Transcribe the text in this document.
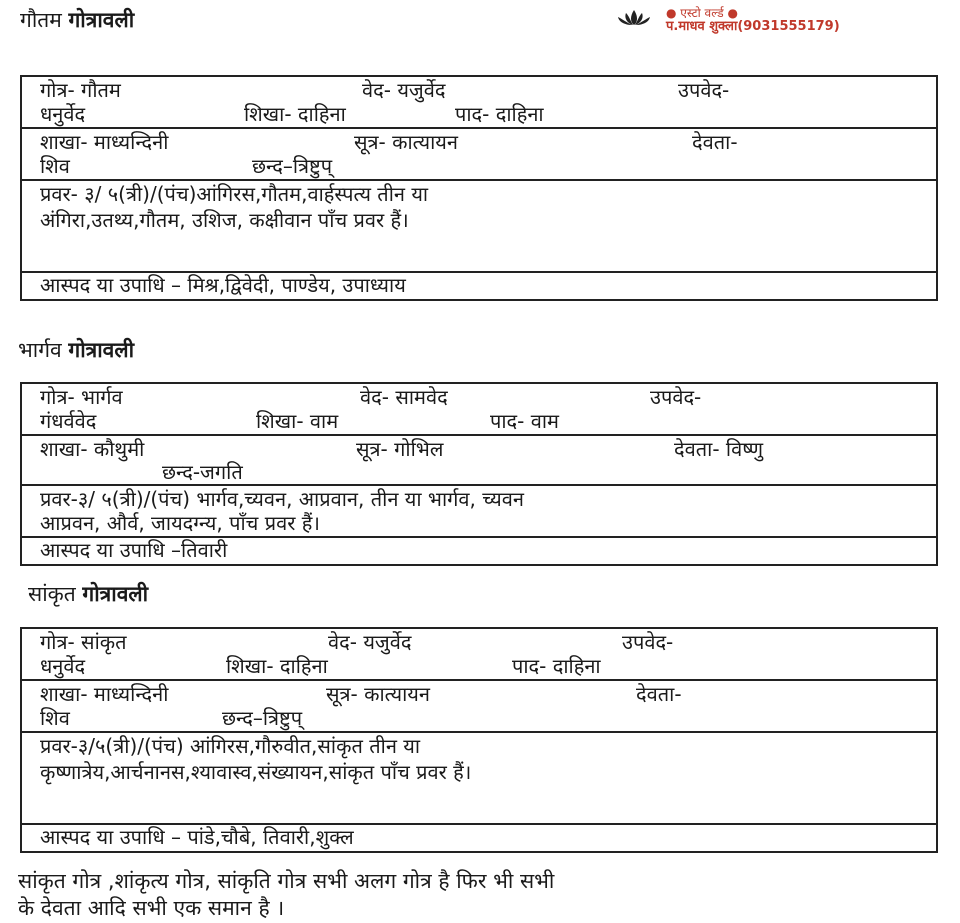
● एस्टो वर्ल्ड ●
प.माधव शुक्ला(9031555179)
गौतम गोत्रावली
गोत्र- गौतम	वेद- यजुर्वेद	उपवेद-
धनुर्वेद	शिखा- दाहिना	पाद- दाहिना
शाखा- माध्यन्दिनी	सूत्र- कात्यायन	देवता-
शिव	छन्द–त्रिष्टुप्
प्रवर- ३/ ५(त्री)/(पंच)आंगिरस,गौतम,वार्हस्पत्य तीन या
अंगिरा,उतथ्य,गौतम, उशिज, कक्षीवान पाँच प्रवर हैं।
आस्पद या उपाधि – मिश्र,द्विवेदी, पाण्डेय, उपाध्याय
भार्गव गोत्रावली
गोत्र- भार्गव	वेद- सामवेद	उपवेद-
गंधर्ववेद	शिखा- वाम	पाद- वाम
शाखा- कौथुमी	सूत्र- गोभिल	देवता- विष्णु
छन्द-जगति
प्रवर-३/ ५(त्री)/(पंच) भार्गव,च्यवन, आप्रवान, तीन या भार्गव, च्यवन
आप्रवन, और्व, जायदग्न्य, पाँच प्रवर हैं।
आस्पद या उपाधि –तिवारी
सांकृत गोत्रावली
गोत्र- सांकृत	वेद- यजुर्वेद	उपवेद-
धनुर्वेद	शिखा- दाहिना	पाद- दाहिना
शाखा- माध्यन्दिनी	सूत्र- कात्यायन	देवता-
शिव	छन्द–त्रिष्टुप्
प्रवर-३/५(त्री)/(पंच) आंगिरस,गौरुवीत,सांकृत तीन या
कृष्णात्रेय,आर्चनानस,श्यावास्व,संख्यायन,सांकृत पाँच प्रवर हैं।
आस्पद या उपाधि – पांडे,चौबे, तिवारी,शुक्ल
सांकृत गोत्र ,शांकृत्य गोत्र, सांकृति गोत्र सभी अलग गोत्र है फिर भी सभी
के देवता आदि सभी एक समान है ।
